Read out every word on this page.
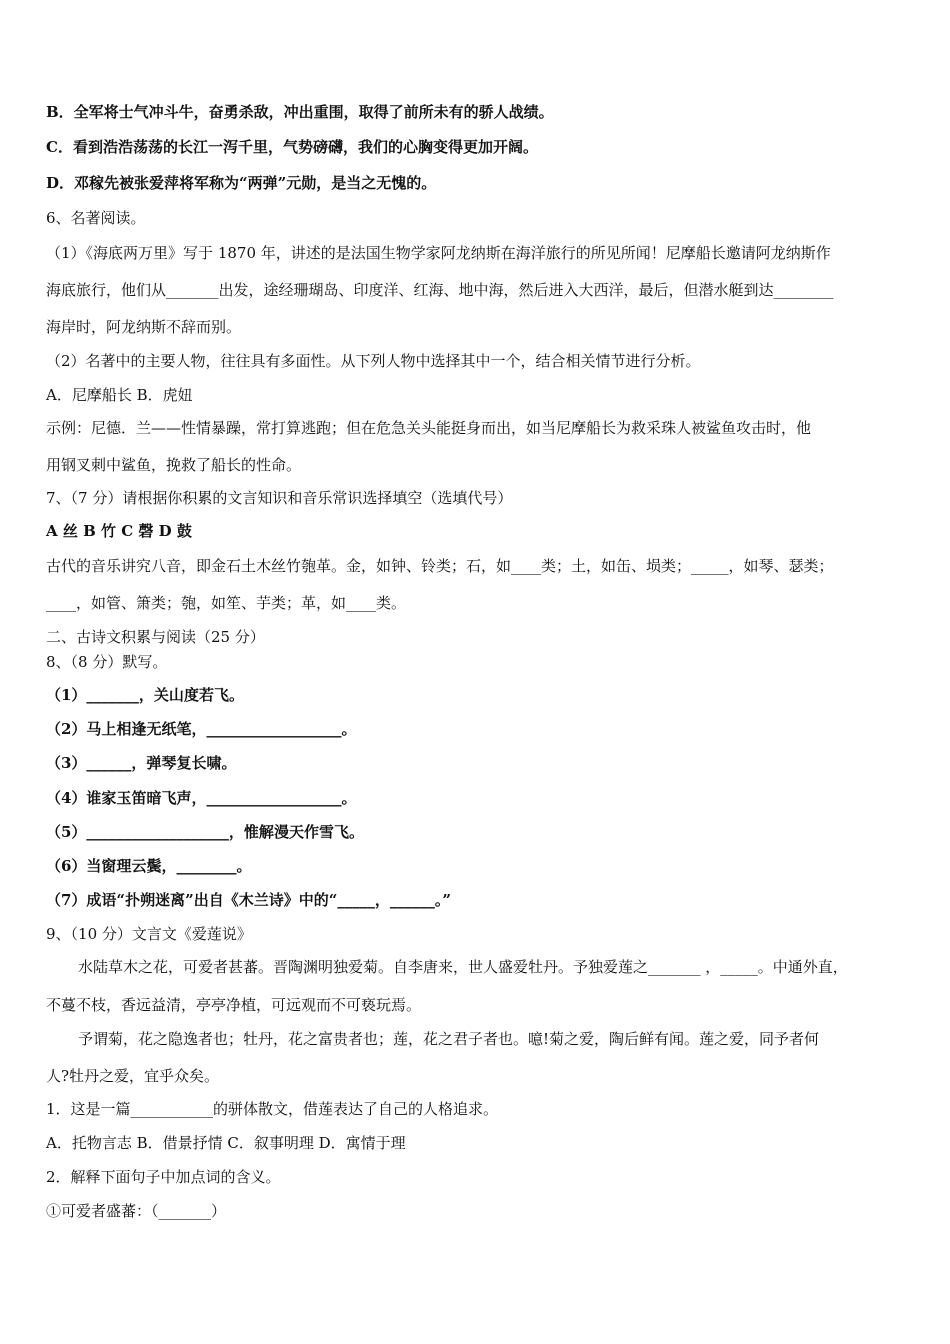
B．全军将士气冲斗牛，奋勇杀敌，冲出重围，取得了前所未有的骄人战绩。
C．看到浩浩荡荡的长江一泻千里，气势磅礴，我们的心胸变得更加开阔。
D．邓稼先被张爱萍将军称为“两弹”元勋，是当之无愧的。
6、名著阅读。
（1）《海底两万里》写于 1870 年，讲述的是法国生物学家阿龙纳斯在海洋旅行的所见所闻！尼摩船长邀请阿龙纳斯作
海底旅行，他们从_______出发，途经珊瑚岛、印度洋、红海、地中海，然后进入大西洋，最后，但潜水艇到达________
海岸时，阿龙纳斯不辞而别。
（2）名著中的主要人物，往往具有多面性。从下列人物中选择其中一个，结合相关情节进行分析。
A．尼摩船长 B．虎妞
示例：尼德．兰——性情暴躁，常打算逃跑；但在危急关头能挺身而出，如当尼摩船长为救采珠人被鲨鱼攻击时，他
用钢叉刺中鲨鱼，挽救了船长的性命。
7、（7 分）请根据你积累的文言知识和音乐常识选择填空（选填代号）
A 丝 B 竹 C 磬 D 鼓
古代的音乐讲究八音，即金石土木丝竹匏革。金，如钟、铃类；石，如____类；土，如缶、埙类；_____，如琴、瑟类；
____，如管、箫类；匏，如笙、芋类；革，如____类。
二、古诗文积累与阅读（25 分）
8、（8 分）默写。
（1）_______，关山度若飞。
（2）马上相逢无纸笔，__________________。
（3）______，弹琴复长啸。
（4）谁家玉笛暗飞声，__________________。
（5）___________________，惟解漫天作雪飞。
（6）当窗理云鬓，________。
（7）成语“扑朔迷离”出自《木兰诗》中的“_____，______。”
9、（10 分）文言文《爱莲说》
水陆草木之花，可爱者甚蕃。晋陶渊明独爱菊。自李唐来，世人盛爱牡丹。予独爱莲之_______ ，_____。中通外直，
不蔓不枝，香远益清，亭亭净植，可远观而不可亵玩焉。
予谓菊，花之隐逸者也；牡丹，花之富贵者也；莲，花之君子者也。噫!菊之爱，陶后鲜有闻。莲之爱，同予者何
人?牡丹之爱，宜乎众矣。
1．这是一篇___________的骈体散文，借莲表达了自己的人格追求。
A．托物言志 B．借景抒情 C．叙事明理 D．寓情于理
2．解释下面句子中加点词的含义。
①可爱者盛蕃：（_______）
